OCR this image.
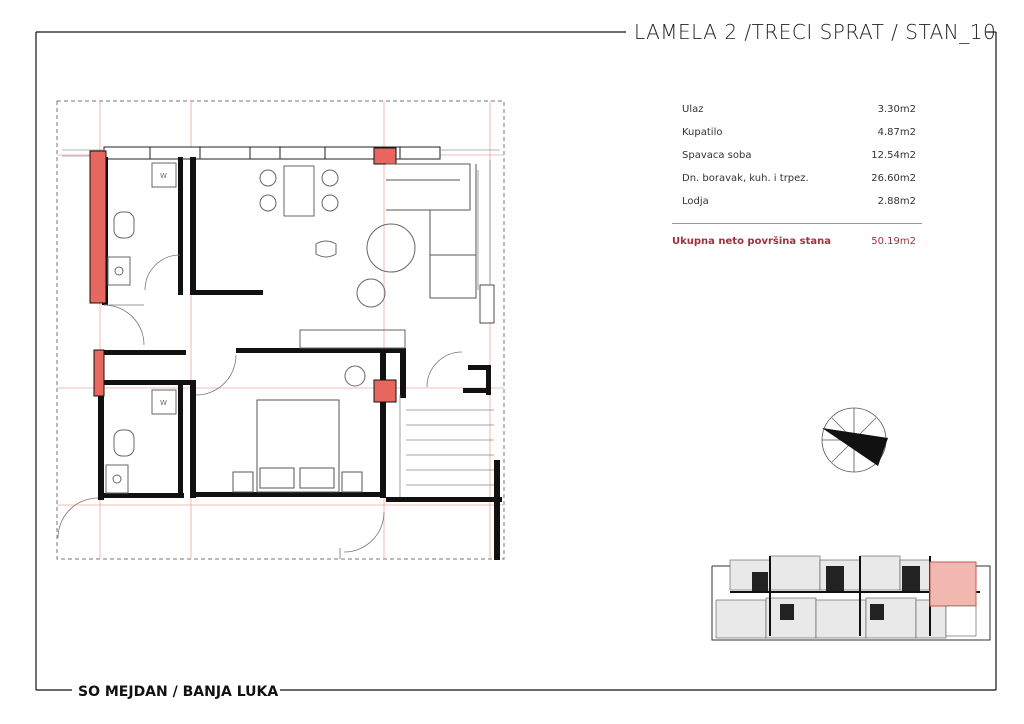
LAMELA 2 /TRECI SPRAT / STAN_10
SO MEJDAN / BANJA LUKA
Ulaz	3.30m2
Kupatilo	4.87m2
Spavaca soba	12.54m2
Dn. boravak, kuh. i trpez.	26.60m2
Lodja	2.88m2
Ukupna neto površina stana	50.19m2
W
W
